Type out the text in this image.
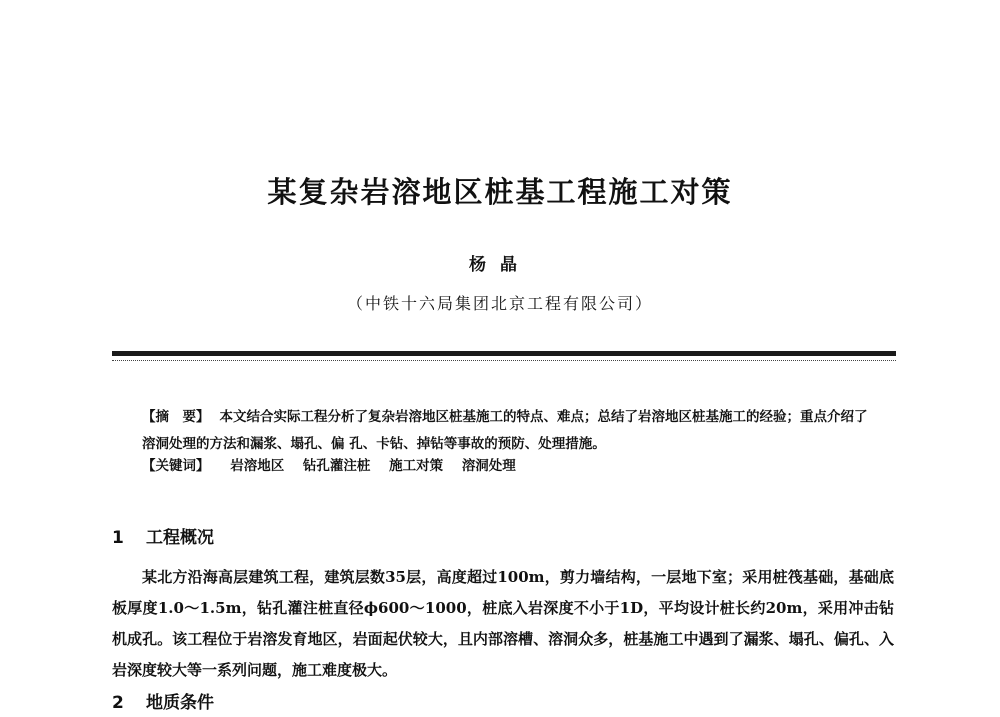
某复杂岩溶地区桩基工程施工对策
杨晶
（中铁十六局集团北京工程有限公司）
【摘　要】 本文结合实际工程分析了复杂岩溶地区桩基施工的特点、难点；总结了岩溶地区桩基施工的经验；重点介绍了溶洞处理的方法和漏浆、塌孔、偏 孔、卡钻、掉钻等事故的预防、处理措施。
【关键词】 岩溶地区 钻孔灌注桩 施工对策 溶洞处理
1 工程概况
某北方沿海高层建筑工程，建筑层数35层，高度超过100m，剪力墙结构，一层地下室；采用桩筏基础，基础底板厚度1.0～1.5m，钻孔灌注桩直径ϕ600～1000，桩底入岩深度不小于1D，平均设计桩长约20m，采用冲击钻机成孔。该工程位于岩溶发育地区，岩面起伏较大，且内部溶槽、溶洞众多，桩基施工中遇到了漏浆、塌孔、偏孔、入岩深度较大等一系列问题，施工难度极大。
2 地质条件
